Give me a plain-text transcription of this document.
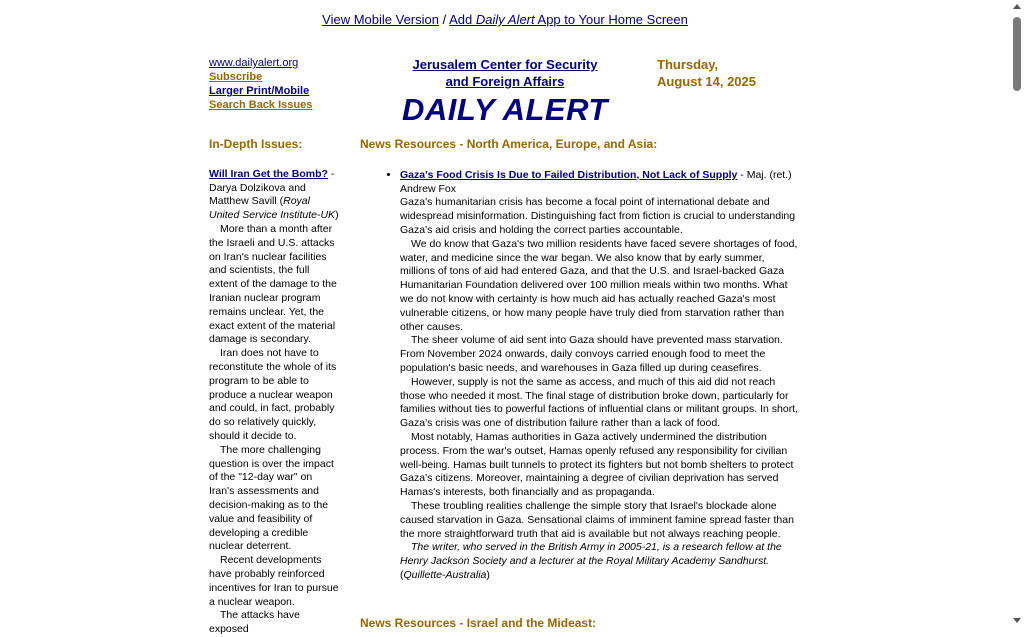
View Mobile Version / Add Daily Alert App to Your Home Screen
www.dailyalert.org
Subscribe
Larger Print/Mobile
Search Back Issues
Jerusalem Center for Security
and Foreign Affairs
DAILY ALERT
Thursday,
August 14, 2025
In-Depth Issues:
Will Iran Get the Bomb? - Darya Dolzikova and Matthew Savill (Royal United Service Institute-UK)
More than a month after the Israeli and U.S. attacks on Iran's nuclear facilities and scientists, the full extent of the damage to the Iranian nuclear program remains unclear. Yet, the exact extent of the material damage is secondary.
Iran does not have to reconstitute the whole of its program to be able to produce a nuclear weapon and could, in fact, probably do so relatively quickly, should it decide to.
The more challenging question is over the impact of the "12-day war" on Iran's assessments and decision-making as to the value and feasibility of developing a credible nuclear deterrent.
Recent developments have probably reinforced incentives for Iran to pursue a nuclear weapon.
The attacks have exposed
News Resources - North America, Europe, and Asia:
• Gaza's Food Crisis Is Due to Failed Distribution, Not Lack of Supply - Maj. (ret.) Andrew Fox

Gaza's humanitarian crisis has become a focal point of international debate and widespread misinformation. Distinguishing fact from fiction is crucial to understanding Gaza's aid crisis and holding the correct parties accountable.

We do know that Gaza's two million residents have faced severe shortages of food, water, and medicine since the war began. We also know that by early summer, millions of tons of aid had entered Gaza, and that the U.S. and Israel-backed Gaza Humanitarian Foundation delivered over 100 million meals within two months. What we do not know with certainty is how much aid has actually reached Gaza's most vulnerable citizens, or how many people have truly died from starvation rather than other causes.

The sheer volume of aid sent into Gaza should have prevented mass starvation. From November 2024 onwards, daily convoys carried enough food to meet the population's basic needs, and warehouses in Gaza filled up during ceasefires.

However, supply is not the same as access, and much of this aid did not reach those who needed it most. The final stage of distribution broke down, particularly for families without ties to powerful factions of influential clans or militant groups. In short, Gaza's crisis was one of distribution failure rather than a lack of food.

Most notably, Hamas authorities in Gaza actively undermined the distribution process. From the war's outset, Hamas openly refused any responsibility for civilian well-being. Hamas built tunnels to protect its fighters but not bomb shelters to protect Gaza's citizens. Moreover, maintaining a degree of civilian deprivation has served Hamas's interests, both financially and as propaganda.

These troubling realities challenge the simple story that Israel's blockade alone caused starvation in Gaza. Sensational claims of imminent famine spread faster than the more straightforward truth that aid is available but not always reaching people.

The writer, who served in the British Army in 2005-21, is a research fellow at the Henry Jackson Society and a lecturer at the Royal Military Academy Sandhurst.

(Quillette-Australia)

News Resources - Israel and the Mideast:
